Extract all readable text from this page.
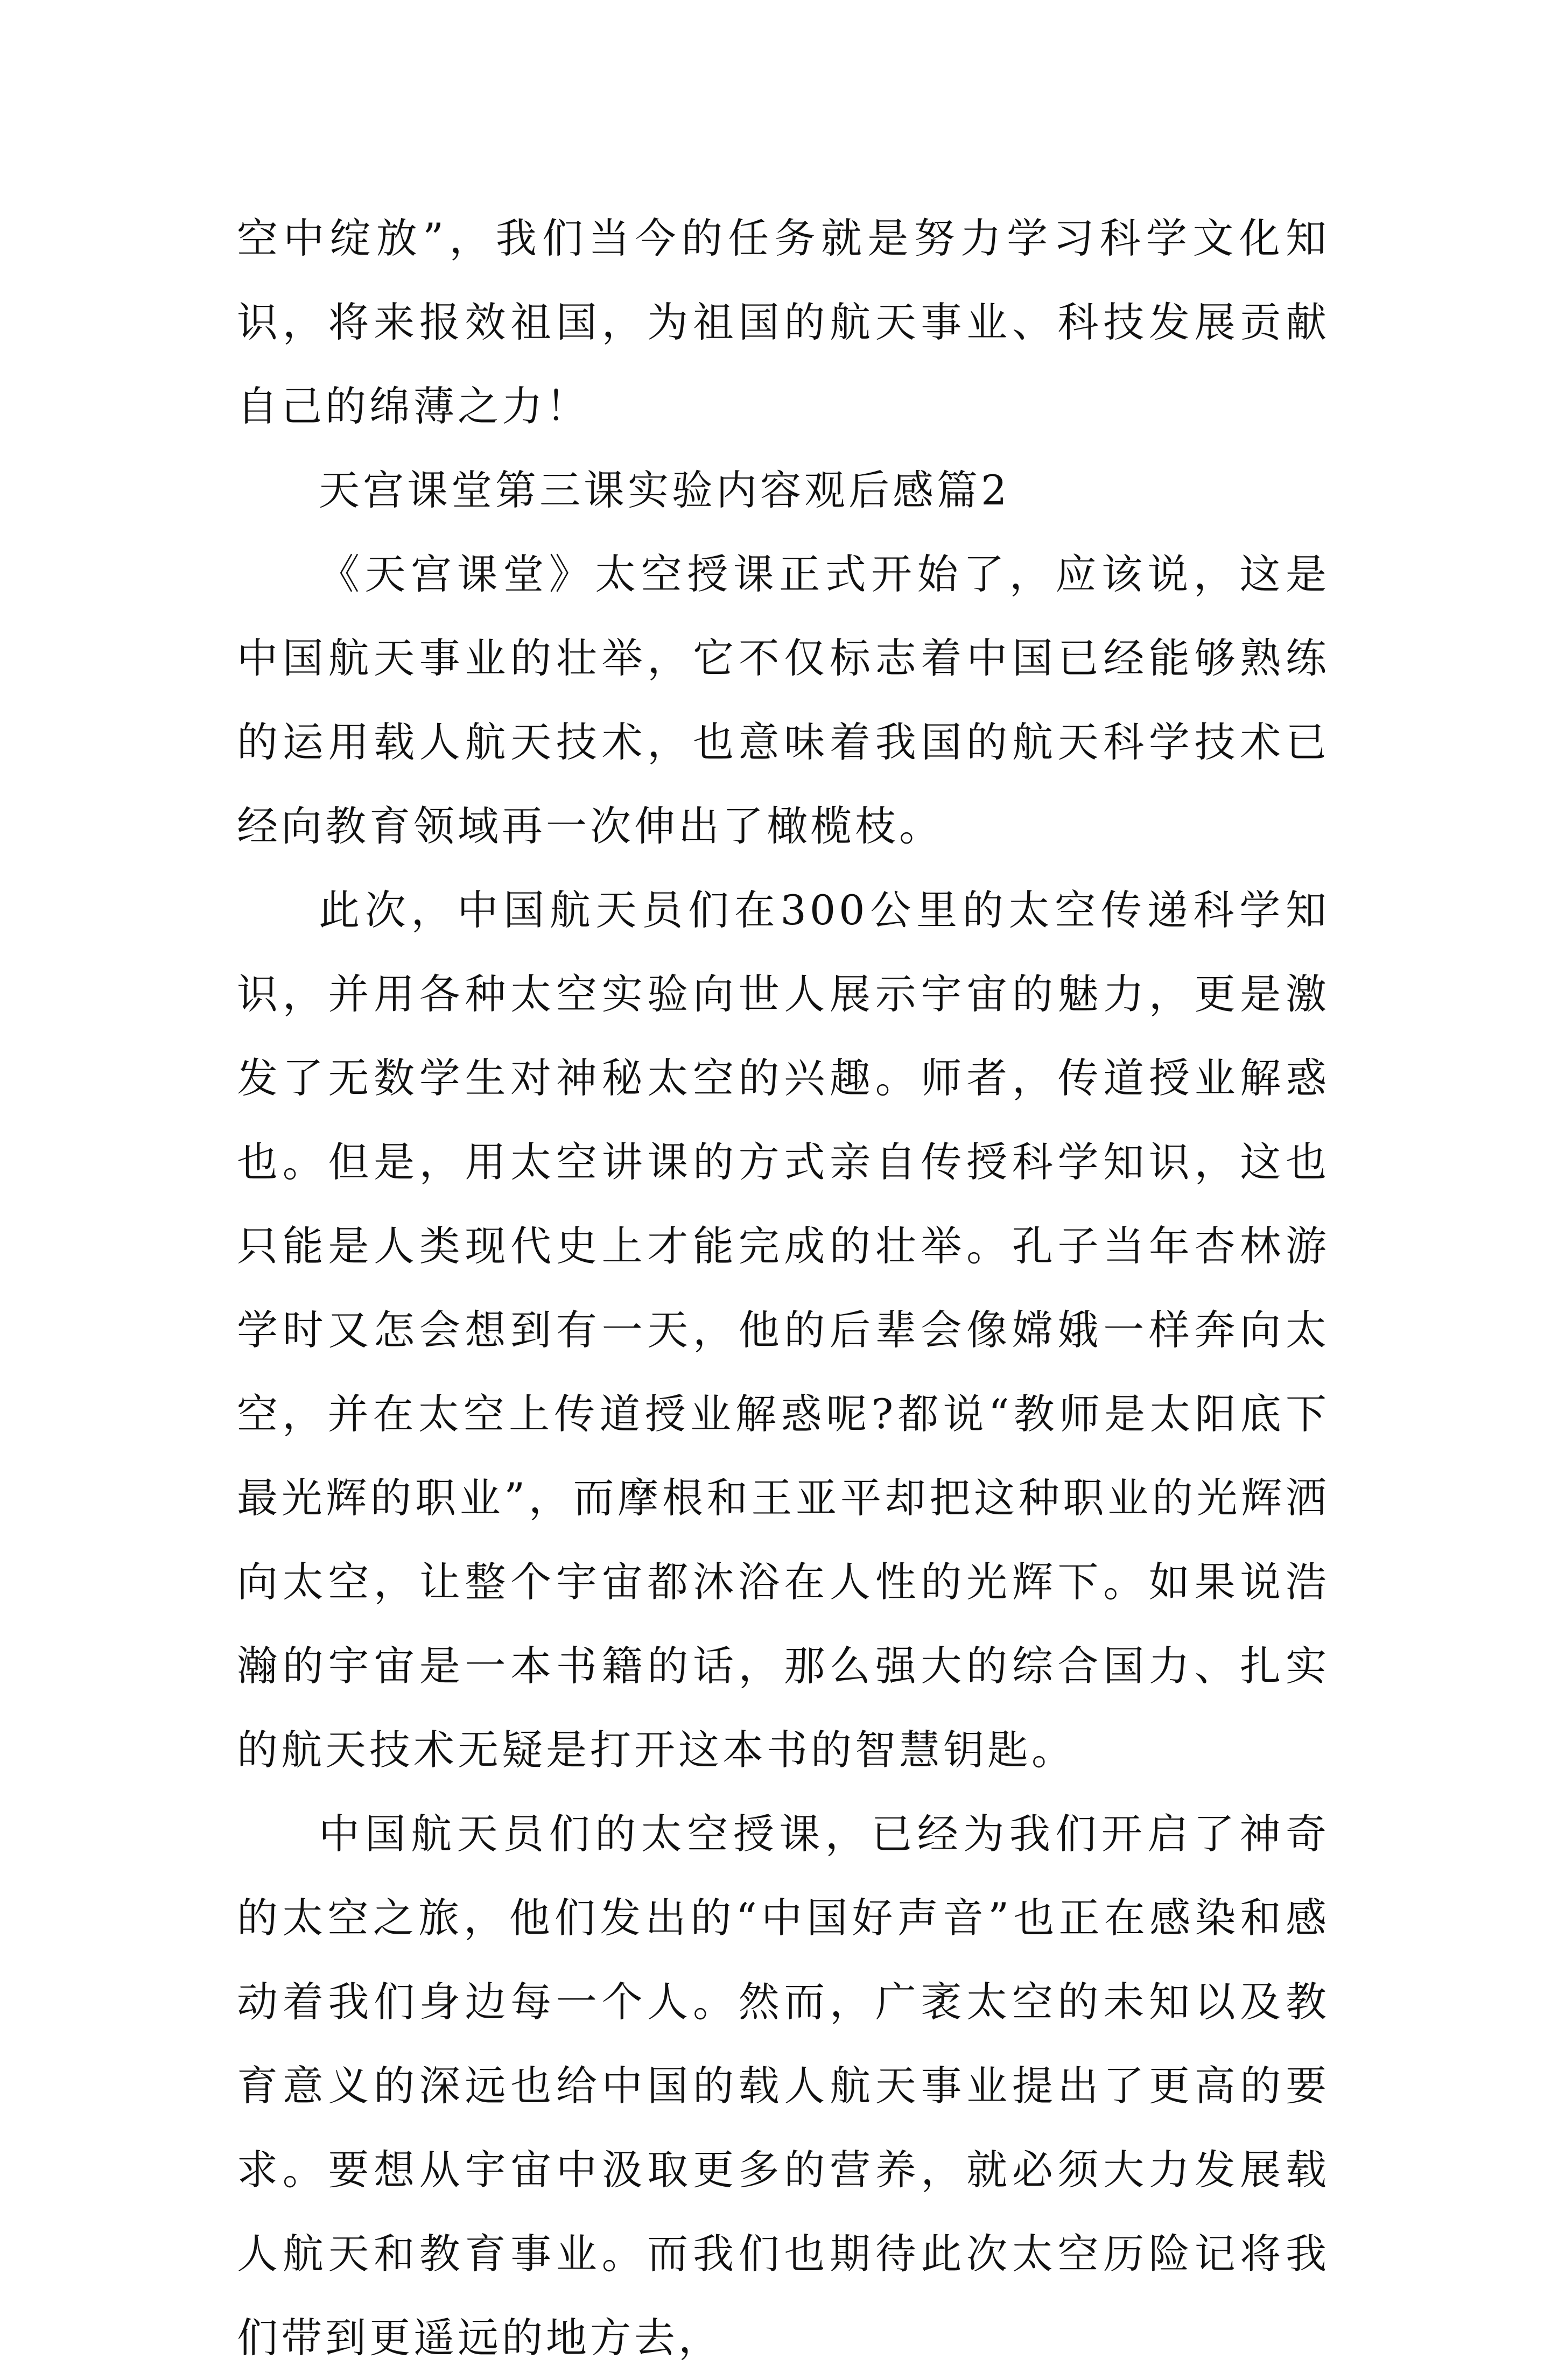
空中绽放”，我们当今的任务就是努力学习科学文化知识，将来报效祖国，为祖国的航天事业、科技发展贡献自己的绵薄之力！

天宫课堂第三课实验内容观后感篇2

《天宫课堂》太空授课正式开始了，应该说，这是中国航天事业的壮举，它不仅标志着中国已经能够熟练的运用载人航天技术，也意味着我国的航天科学技术已经向教育领域再一次伸出了橄榄枝。

此次，中国航天员们在300公里的太空传递科学知识，并用各种太空实验向世人展示宇宙的魅力，更是激发了无数学生对神秘太空的兴趣。师者，传道授业解惑也。但是，用太空讲课的方式亲自传授科学知识，这也只能是人类现代史上才能完成的壮举。孔子当年杏林游学时又怎会想到有一天，他的后辈会像嫦娥一样奔向太空，并在太空上传道授业解惑呢?都说“教师是太阳底下最光辉的职业”，而摩根和王亚平却把这种职业的光辉洒向太空，让整个宇宙都沐浴在人性的光辉下。如果说浩瀚的宇宙是一本书籍的话，那么强大的综合国力、扎实的航天技术无疑是打开这本书的智慧钥匙。

中国航天员们的太空授课，已经为我们开启了神奇的太空之旅，他们发出的“中国好声音”也正在感染和感动着我们身边每一个人。然而，广袤太空的未知以及教育意义的深远也给中国的载人航天事业提出了更高的要求。要想从宇宙中汲取更多的营养，就必须大力发展载人航天和教育事业。而我们也期待此次太空历险记将我们带到更遥远的地方去，
